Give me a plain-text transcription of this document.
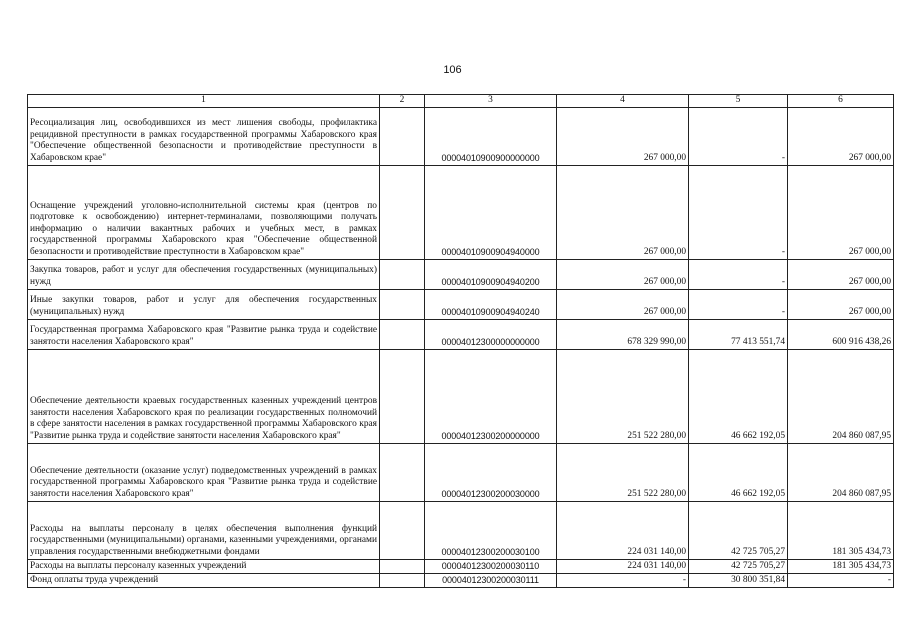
106
1	2	3	4	5	6
Ресоциализация лиц, освободившихся из мест лишения свободы, профилактика рецидивной преступности в рамках государственной программы Хабаровского края "Обеспечение общественной безопасности и противодействие преступности в Хабаровском крае"		00004010900900000000	267 000,00	-	267 000,00
Оснащение учреждений уголовно-исполнительной системы края (центров по подготовке к освобождению) интернет-терминалами, позволяющими получать информацию о наличии вакантных рабочих и учебных мест, в рамках государственной программы Хабаровского края "Обеспечение общественной безопасности и противодействие преступности в Хабаровском крае"		00004010900904940000	267 000,00	-	267 000,00
Закупка товаров, работ и услуг для обеспечения государственных (муниципальных) нужд		00004010900904940200	267 000,00	-	267 000,00
Иные закупки товаров, работ и услуг для обеспечения государственных (муниципальных) нужд		00004010900904940240	267 000,00	-	267 000,00
Государственная программа Хабаровского края "Развитие рынка труда и содействие занятости населения Хабаровского края"		00004012300000000000	678 329 990,00	77 413 551,74	600 916 438,26
Обеспечение деятельности краевых государственных казенных учреждений центров занятости населения Хабаровского края по реализации государственных полномочий в сфере занятости населения в рамках государственной программы Хабаровского края "Развитие рынка труда и содействие занятости населения Хабаровского края"		00004012300200000000	251 522 280,00	46 662 192,05	204 860 087,95
Обеспечение деятельности (оказание услуг) подведомственных учреждений в рамках государственной программы Хабаровского края "Развитие рынка труда и содействие занятости населения Хабаровского края"		00004012300200030000	251 522 280,00	46 662 192,05	204 860 087,95
Расходы на выплаты персоналу в целях обеспечения выполнения функций государственными (муниципальными) органами, казенными учреждениями, органами управления государственными внебюджетными фондами		00004012300200030100	224 031 140,00	42 725 705,27	181 305 434,73
Расходы на выплаты персоналу казенных учреждений		00004012300200030110	224 031 140,00	42 725 705,27	181 305 434,73
Фонд оплаты труда учреждений		00004012300200030111	-	30 800 351,84	-
